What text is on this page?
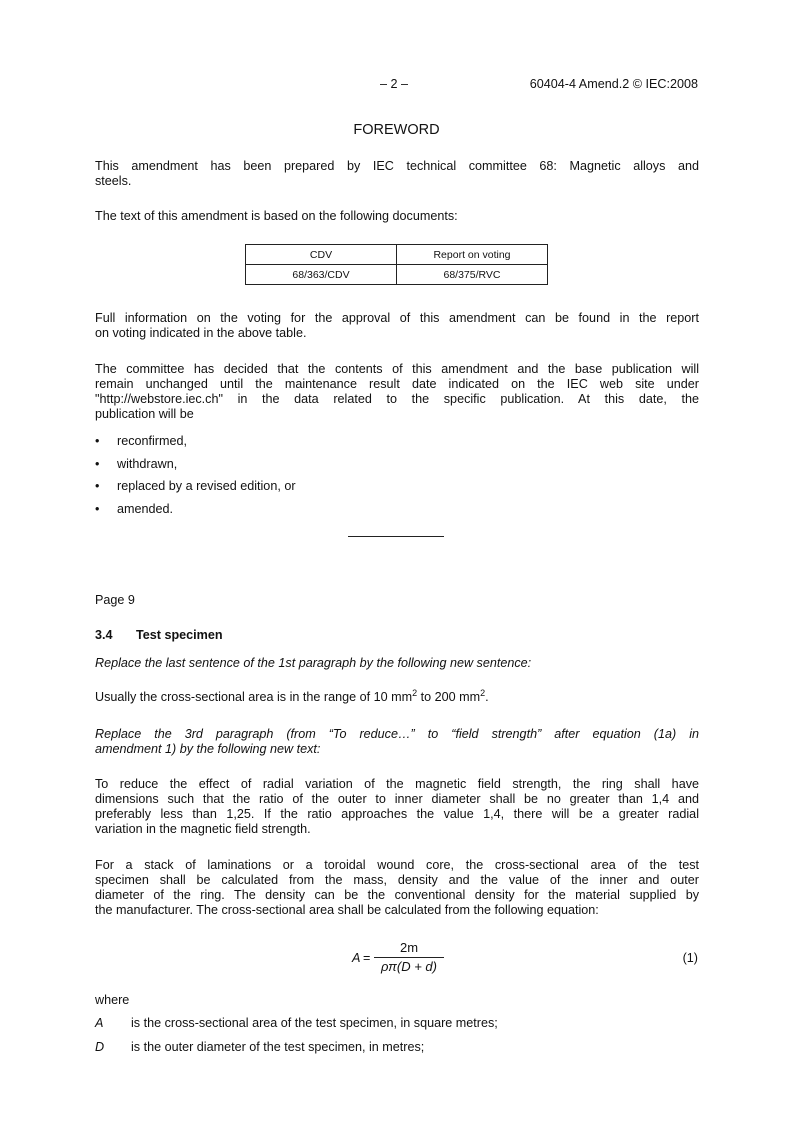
– 2 –	60404-4 Amend.2 © IEC:2008
FOREWORD
This amendment has been prepared by IEC technical committee 68: Magnetic alloys and
steels.
The text of this amendment is based on the following documents:
CDV	Report on voting
68/363/CDV	68/375/RVC
Full information on the voting for the approval of this amendment can be found in the report
on voting indicated in the above table.
The committee has decided that the contents of this amendment and the base publication will
remain unchanged until the maintenance result date indicated on the IEC web site under
"http://webstore.iec.ch" in the data related to the specific publication. At this date, the
publication will be
• reconfirmed,
• withdrawn,
• replaced by a revised edition, or
• amended.
Page 9
3.4 Test specimen
Replace the last sentence of the 1st paragraph by the following new sentence:
Usually the cross-sectional area is in the range of 10 $mm^2$ to 200 $mm^2$.
Replace the 3rd paragraph (from “To reduce…” to “field strength” after equation (1a) in
amendment 1) by the following new text:
To reduce the effect of radial variation of the magnetic field strength, the ring shall have
dimensions such that the ratio of the outer to inner diameter shall be no greater than 1,4 and
preferably less than 1,25. If the ratio approaches the value 1,4, there will be a greater radial
variation in the magnetic field strength.
For a stack of laminations or a toroidal wound core, the cross-sectional area of the test
specimen shall be calculated from the mass, density and the value of the inner and outer
diameter of the ring. The density can be the conventional density for the material supplied by
the manufacturer. The cross-sectional area shall be calculated from the following equation:
A =
2m
ρπ(D + d)
(1)
where
A is the cross-sectional area of the test specimen, in square metres;
D is the outer diameter of the test specimen, in metres;
